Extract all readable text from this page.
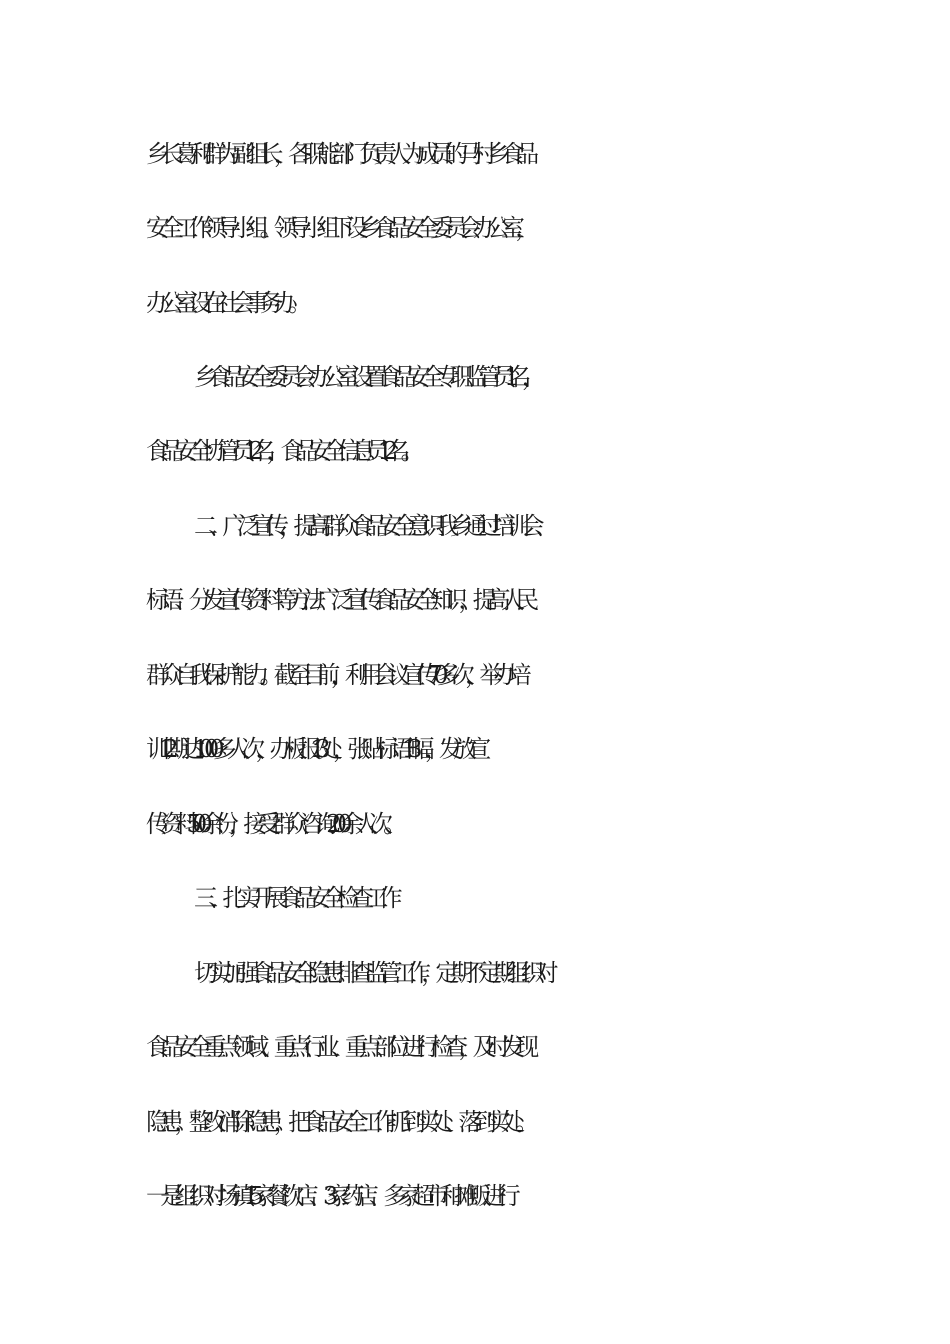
乡长葛利群为副组长，各职能部门负责人为成员的马村乡食品
安全工作领导小组。领导小组下设乡食品安全委员会办公室，
办公室设在社会事务办。
乡食品安全委员会办公室设置食品安全专职监管员 1 名，
食品安全协管员 12 名，食品安全信息员 12 名。
二、广泛宣传，提高群众食品安全意识我乡通过培训会、
标语、分发宣传资料等方法广泛宣传食品安全知识，提高人民
群众自我保护能力。截至目前，利用会议宣传 70 多次，举办培
训 12 期达 1000 多人次，办板报 13 处，张贴标语 13 幅，发放宣
传资料 500 余份，接受群众咨询 200 余人次。
三、扎实开展食品安全检查工作
切实加强食品安全隐患排查监管工作，定期不定期组织对
食品安全重点领域、重点行业、重点部位进行检查，及时发现
隐患，整改消除隐患，把食品安全工作抓到实处、落到实处。
一是组织对场镇 15 家餐饮店、3 家药店、多家超市和摊贩进行
